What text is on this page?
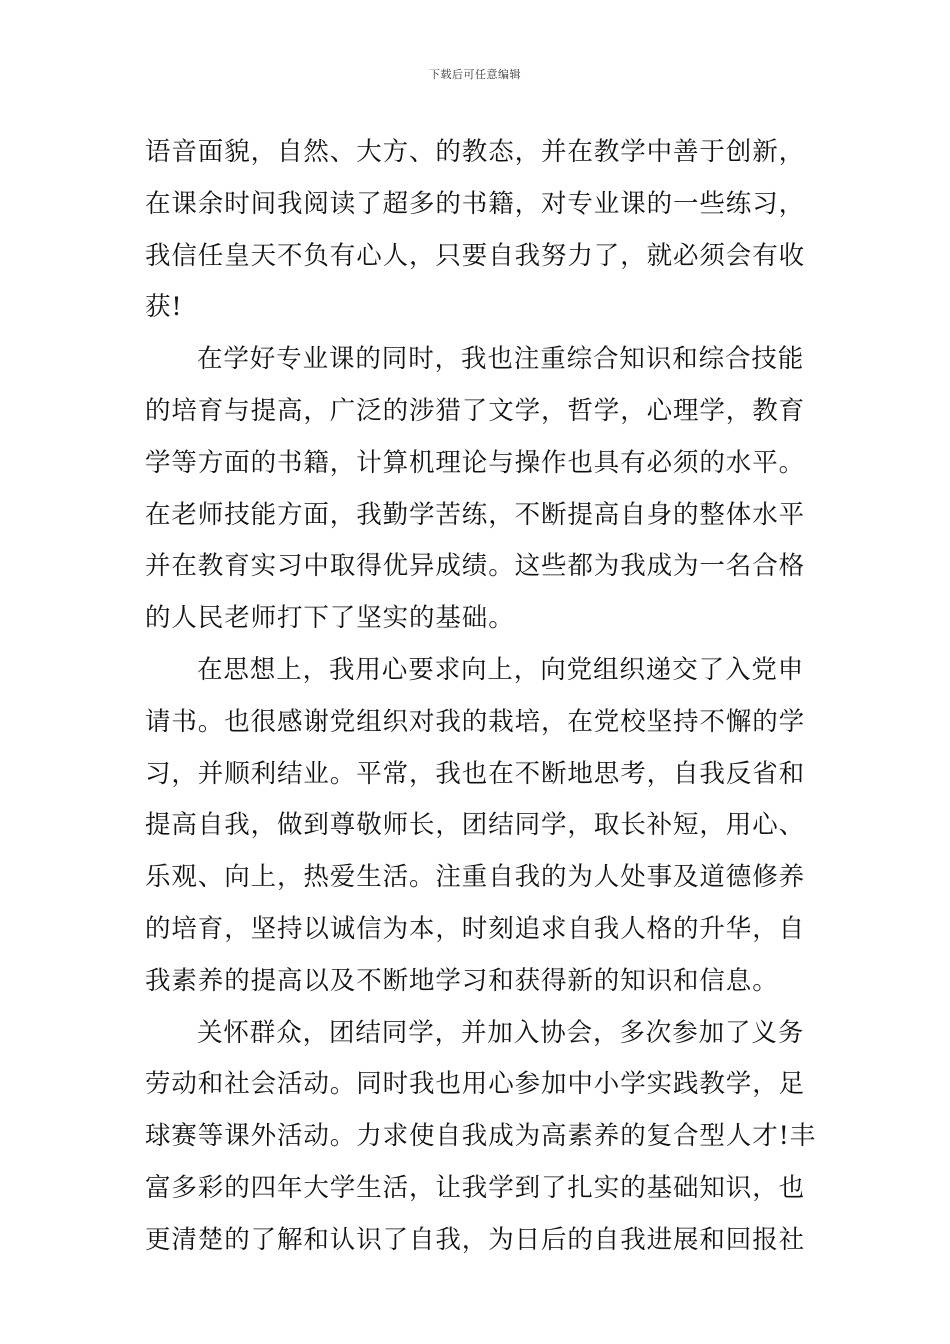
下载后可任意编辑
语音面貌，自然、大方、的教态，并在教学中善于创新，
在课余时间我阅读了超多的书籍，对专业课的一些练习，
我信任皇天不负有心人，只要自我努力了，就必须会有收
获!
在学好专业课的同时，我也注重综合知识和综合技能
的培育与提高，广泛的涉猎了文学，哲学，心理学，教育
学等方面的书籍，计算机理论与操作也具有必须的水平。
在老师技能方面，我勤学苦练，不断提高自身的整体水平
并在教育实习中取得优异成绩。这些都为我成为一名合格
的人民老师打下了坚实的基础。
在思想上，我用心要求向上，向党组织递交了入党申
请书。也很感谢党组织对我的栽培，在党校坚持不懈的学
习，并顺利结业。平常，我也在不断地思考，自我反省和
提高自我，做到尊敬师长，团结同学，取长补短，用心、
乐观、向上，热爱生活。注重自我的为人处事及道德修养
的培育，坚持以诚信为本，时刻追求自我人格的升华，自
我素养的提高以及不断地学习和获得新的知识和信息。
关怀群众，团结同学，并加入协会，多次参加了义务
劳动和社会活动。同时我也用心参加中小学实践教学，足
球赛等课外活动。力求使自我成为高素养的复合型人才!丰
富多彩的四年大学生活，让我学到了扎实的基础知识，也
更清楚的了解和认识了自我，为日后的自我进展和回报社
